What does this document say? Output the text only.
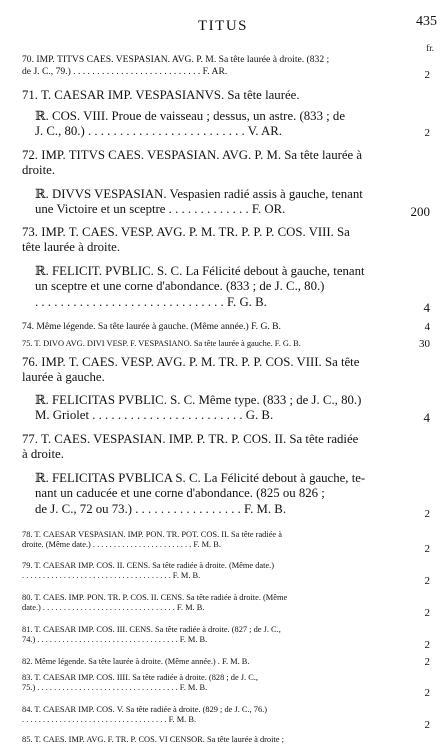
TITUS	435
fr.
70. IMP. TITVS CAES. VESPASIAN. AVG. P. M. Sa tête laurée à droite. (832 ;
de J. C., 79.) . . . . . . . . . . . . . . . . . . . . . . . . . . . F. AR.	2
71. T. CAESAR IMP. VESPASIANVS. Sa tête laurée.
ℝ. COS. VIII. Proue de vaisseau ; dessus, un astre. (833 ; de
J. C., 80.) . . . . . . . . . . . . . . . . . . . . . . . . . V. AR.	2
72. IMP. TITVS CAES. VESPASIAN. AVG. P. M. Sa tête laurée à
droite.
ℝ. DIVVS VESPASIAN. Vespasien radié assis à gauche, tenant
une Victoire et un sceptre . . . . . . . . . . . . . F. OR.	200
73. IMP. T. CAES. VESP. AVG. P. M. TR. P. P. P. COS. VIII. Sa
tête laurée à droite.
ℝ. FELICIT. PVBLIC. S. C. La Félicité debout à gauche, tenant
un sceptre et une corne d'abondance. (833 ; de J. C., 80.)
. . . . . . . . . . . . . . . . . . . . . . . . . . . . . . F. G. B.	4
74. Même légende. Sa tête laurée à gauche. (Même année.) F. G. B.	4
75. T. DIVO AVG. DIVI VESP. F. VESPASIANO. Sa tête laurée à gauche. F. G. B.	30
76. IMP. T. CAES. VESP. AVG. P. M. TR. P. P. COS. VIII. Sa tête
laurée à gauche.
ℝ. FELICITAS PVBLIC. S. C. Même type. (833 ; de J. C., 80.)
M. Griolet . . . . . . . . . . . . . . . . . . . . . . . . G. B.	4
77. T. CAES. VESPASIAN. IMP. P. TR. P. COS. II. Sa tête radiée
à droite.
ℝ. FELICITAS PVBLICA S. C. La Félicité debout à gauche, te-
nant un caducée et une corne d'abondance. (825 ou 826 ;
de J. C., 72 ou 73.) . . . . . . . . . . . . . . . . . F. M. B.	2
78. T. CAESAR VESPASIAN. IMP. PON. TR. POT. COS. II. Sa tête radiée à
droite. (Même date.) . . . . . . . . . . . . . . . . . . . . . . . . F. M. B.	2
79. T. CAESAR IMP. COS. II. CENS. Sa tête radiée à droite. (Même date.)
. . . . . . . . . . . . . . . . . . . . . . . . . . . . . . . . . . . . F. M. B.	2
80. T. CAES. IMP. PON. TR. P. COS. II. CENS. Sa tête radiée à droite. (Même
date.) . . . . . . . . . . . . . . . . . . . . . . . . . . . . . . . . F. M. B.	2
81. T. CAESAR IMP. COS. III. CENS. Sa tête radiée à droite. (827 ; de J. C.,
74.) . . . . . . . . . . . . . . . . . . . . . . . . . . . . . . . . . . F. M. B.	2
82. Même légende. Sa tête laurée à droite. (Même année.) . F. M. B.	2
83. T. CAESAR IMP. COS. IIII. Sa tête radiée à droite. (828 ; de J. C.,
75.) . . . . . . . . . . . . . . . . . . . . . . . . . . . . . . . . . . F. M. B.	2
84. T. CAESAR IMP. COS. V. Sa tête radiée à droite. (829 ; de J. C., 76.)
. . . . . . . . . . . . . . . . . . . . . . . . . . . . . . . . . . . F. M. B.	2
85. T. CAES. IMP. AVG. F. TR. P. COS. VI CENSOR. Sa tête laurée à droite ;
